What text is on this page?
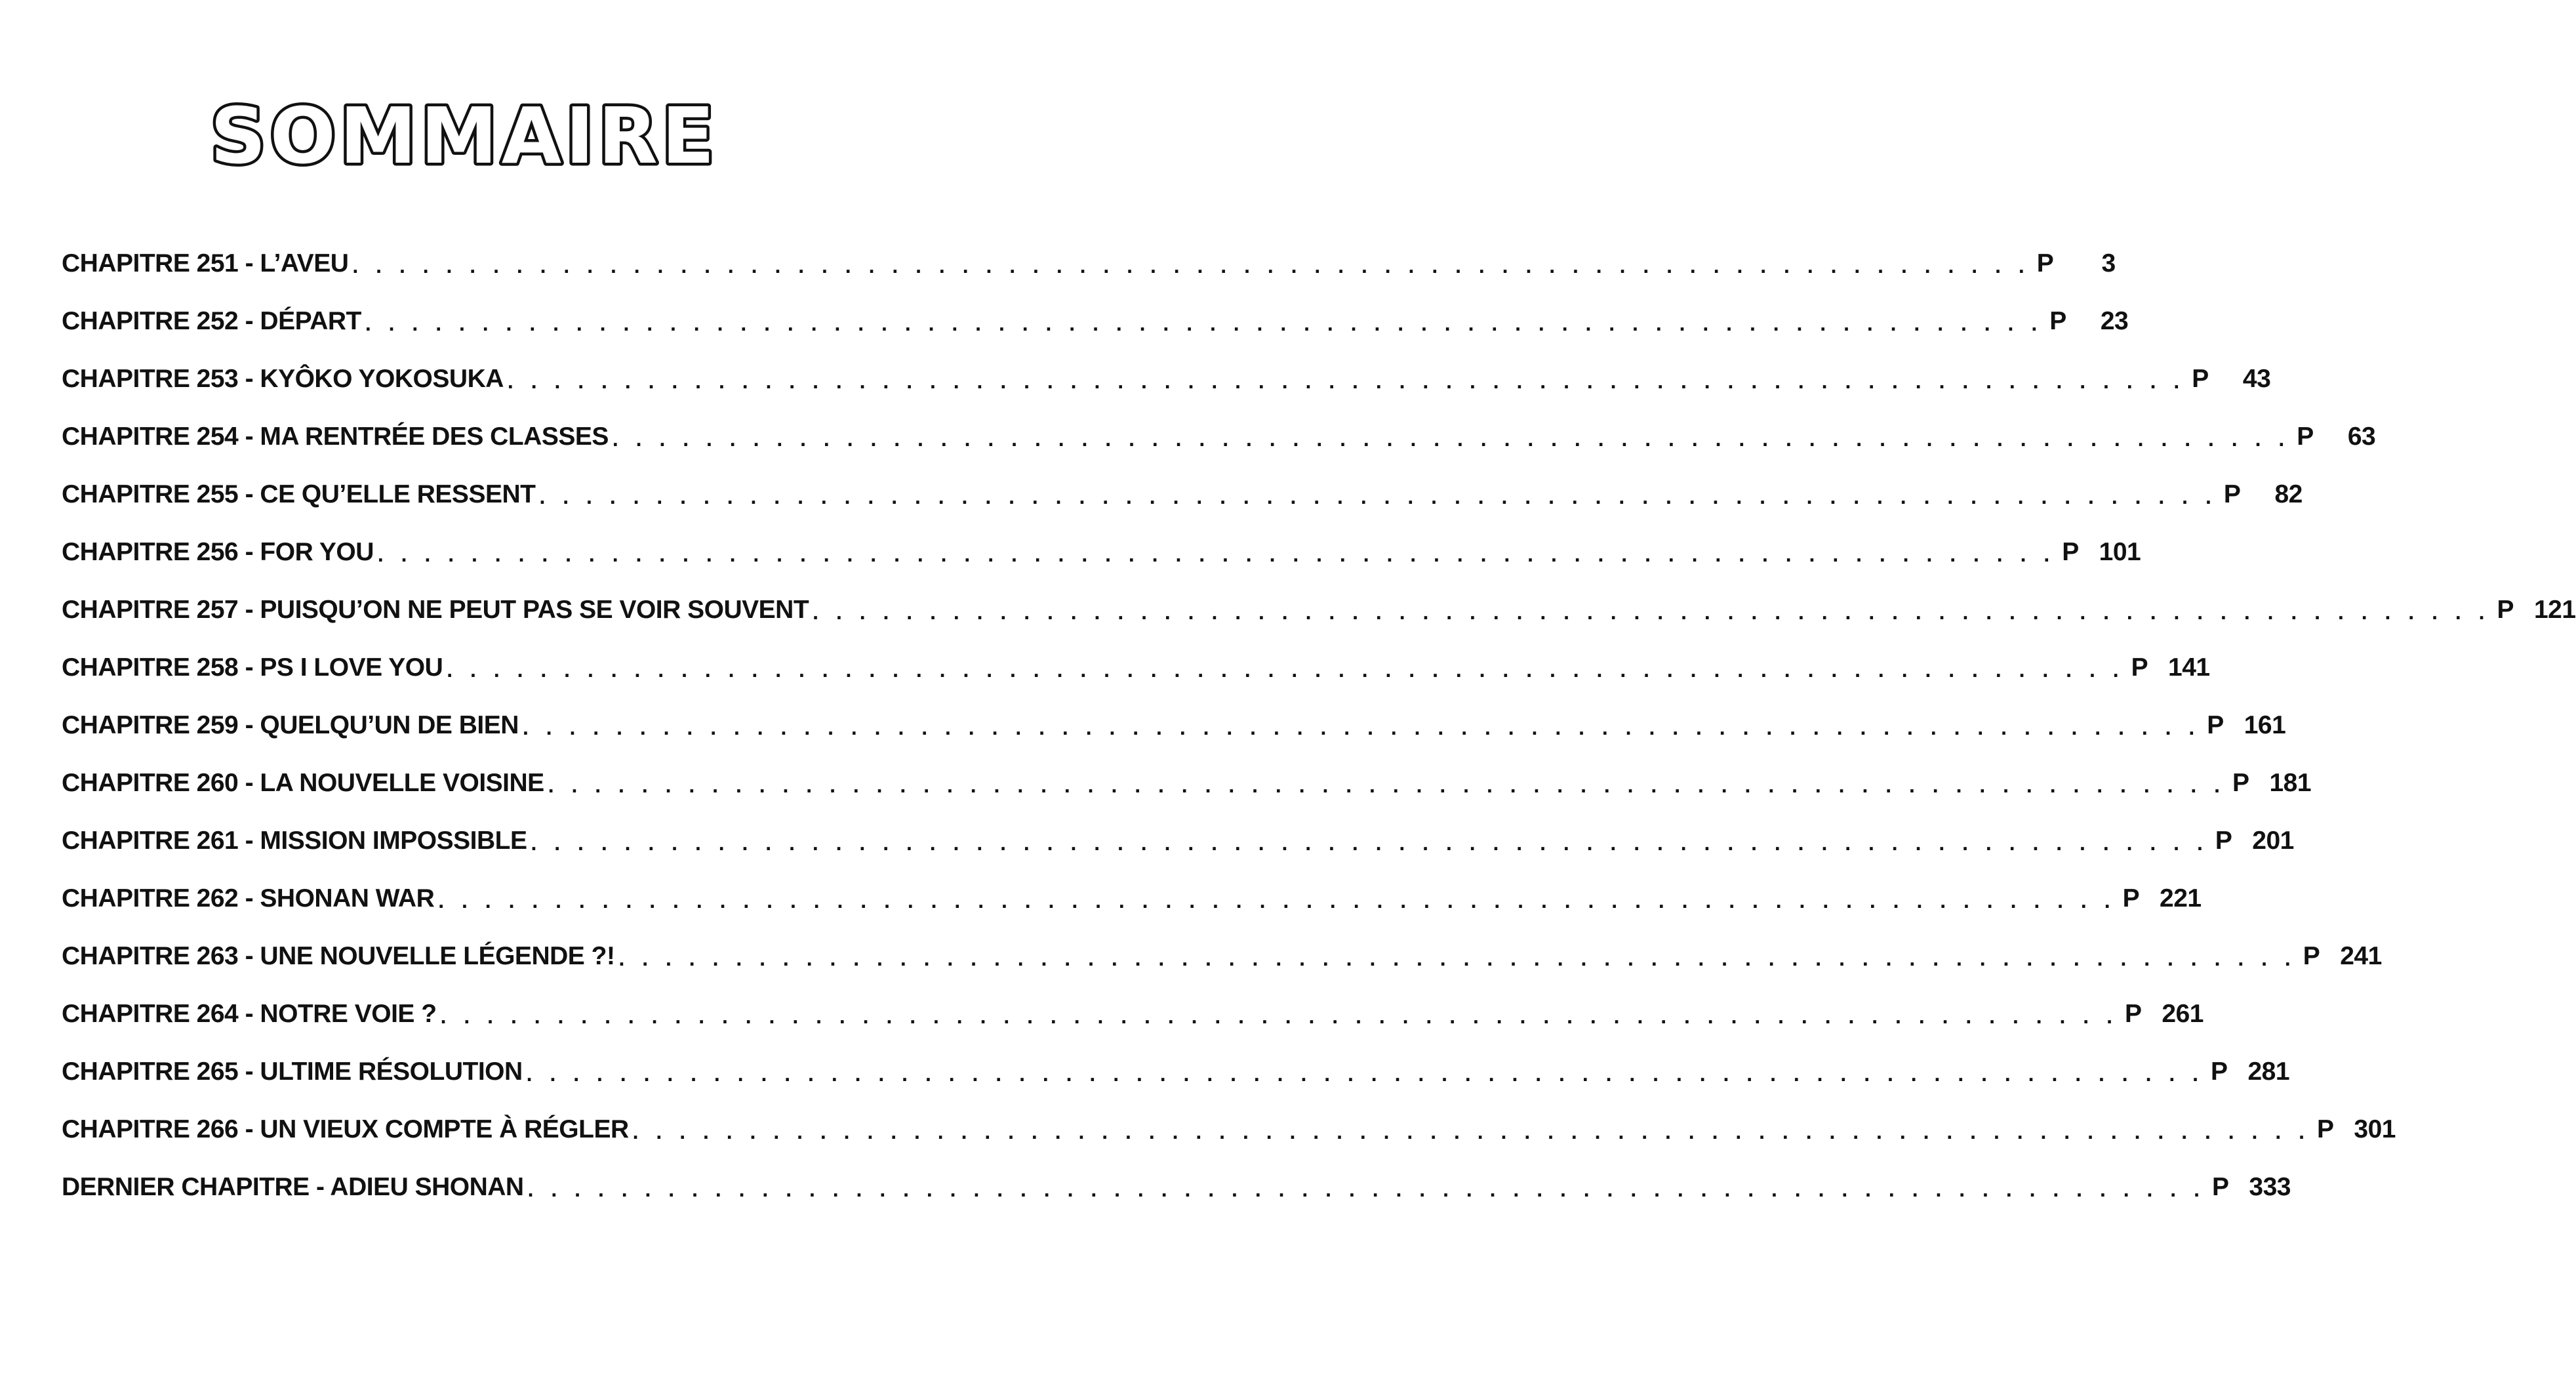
SOMMAIRE
CHAPITRE 251 - L’AVEU . . . . . . . . . . . . . . . . . . . . . . . . . . . . . . . . . . . . . . . . . . . . . . . . . . . . . . . . . . . . . . . . . . . . . . . . P	3
CHAPITRE 252 - DÉPART . . . . . . . . . . . . . . . . . . . . . . . . . . . . . . . . . . . . . . . . . . . . . . . . . . . . . . . . . . . . . . . . . . . . . . . . P	23
CHAPITRE 253 - KYÔKO YOKOSUKA . . . . . . . . . . . . . . . . . . . . . . . . . . . . . . . . . . . . . . . . . . . . . . . . . . . . . . . . . . . . . . . . . . . . . . . . P	43
CHAPITRE 254 - MA RENTRÉE DES CLASSES . . . . . . . . . . . . . . . . . . . . . . . . . . . . . . . . . . . . . . . . . . . . . . . . . . . . . . . . . . . . . . . . . . . . . . . . P	63
CHAPITRE 255 - CE QU’ELLE RESSENT . . . . . . . . . . . . . . . . . . . . . . . . . . . . . . . . . . . . . . . . . . . . . . . . . . . . . . . . . . . . . . . . . . . . . . . . P	82
CHAPITRE 256 - FOR YOU . . . . . . . . . . . . . . . . . . . . . . . . . . . . . . . . . . . . . . . . . . . . . . . . . . . . . . . . . . . . . . . . . . . . . . . . P 101
CHAPITRE 257 - PUISQU’ON NE PEUT PAS SE VOIR SOUVENT . . . . . . . . . . . . . . . . . . . . . . . . . . . . . . . . . . . . . . . . . . . . . . . . . . . . . . . . . . . . . . . . . . . . . . . . P 121
CHAPITRE 258 - PS I LOVE YOU . . . . . . . . . . . . . . . . . . . . . . . . . . . . . . . . . . . . . . . . . . . . . . . . . . . . . . . . . . . . . . . . . . . . . . . . P 141
CHAPITRE 259 - QUELQU’UN DE BIEN . . . . . . . . . . . . . . . . . . . . . . . . . . . . . . . . . . . . . . . . . . . . . . . . . . . . . . . . . . . . . . . . . . . . . . . . P 161
CHAPITRE 260 - LA NOUVELLE VOISINE . . . . . . . . . . . . . . . . . . . . . . . . . . . . . . . . . . . . . . . . . . . . . . . . . . . . . . . . . . . . . . . . . . . . . . . . P 181
CHAPITRE 261 - MISSION IMPOSSIBLE . . . . . . . . . . . . . . . . . . . . . . . . . . . . . . . . . . . . . . . . . . . . . . . . . . . . . . . . . . . . . . . . . . . . . . . . P 201
CHAPITRE 262 - SHONAN WAR . . . . . . . . . . . . . . . . . . . . . . . . . . . . . . . . . . . . . . . . . . . . . . . . . . . . . . . . . . . . . . . . . . . . . . . . P 221
CHAPITRE 263 - UNE NOUVELLE LÉGENDE ?! . . . . . . . . . . . . . . . . . . . . . . . . . . . . . . . . . . . . . . . . . . . . . . . . . . . . . . . . . . . . . . . . . . . . . . . . P 241
CHAPITRE 264 - NOTRE VOIE ? . . . . . . . . . . . . . . . . . . . . . . . . . . . . . . . . . . . . . . . . . . . . . . . . . . . . . . . . . . . . . . . . . . . . . . . . P 261
CHAPITRE 265 - ULTIME RÉSOLUTION . . . . . . . . . . . . . . . . . . . . . . . . . . . . . . . . . . . . . . . . . . . . . . . . . . . . . . . . . . . . . . . . . . . . . . . . P 281
CHAPITRE 266 - UN VIEUX COMPTE À RÉGLER . . . . . . . . . . . . . . . . . . . . . . . . . . . . . . . . . . . . . . . . . . . . . . . . . . . . . . . . . . . . . . . . . . . . . . . . P 301
DERNIER CHAPITRE - ADIEU SHONAN . . . . . . . . . . . . . . . . . . . . . . . . . . . . . . . . . . . . . . . . . . . . . . . . . . . . . . . . . . . . . . . . . . . . . . . . P 333
